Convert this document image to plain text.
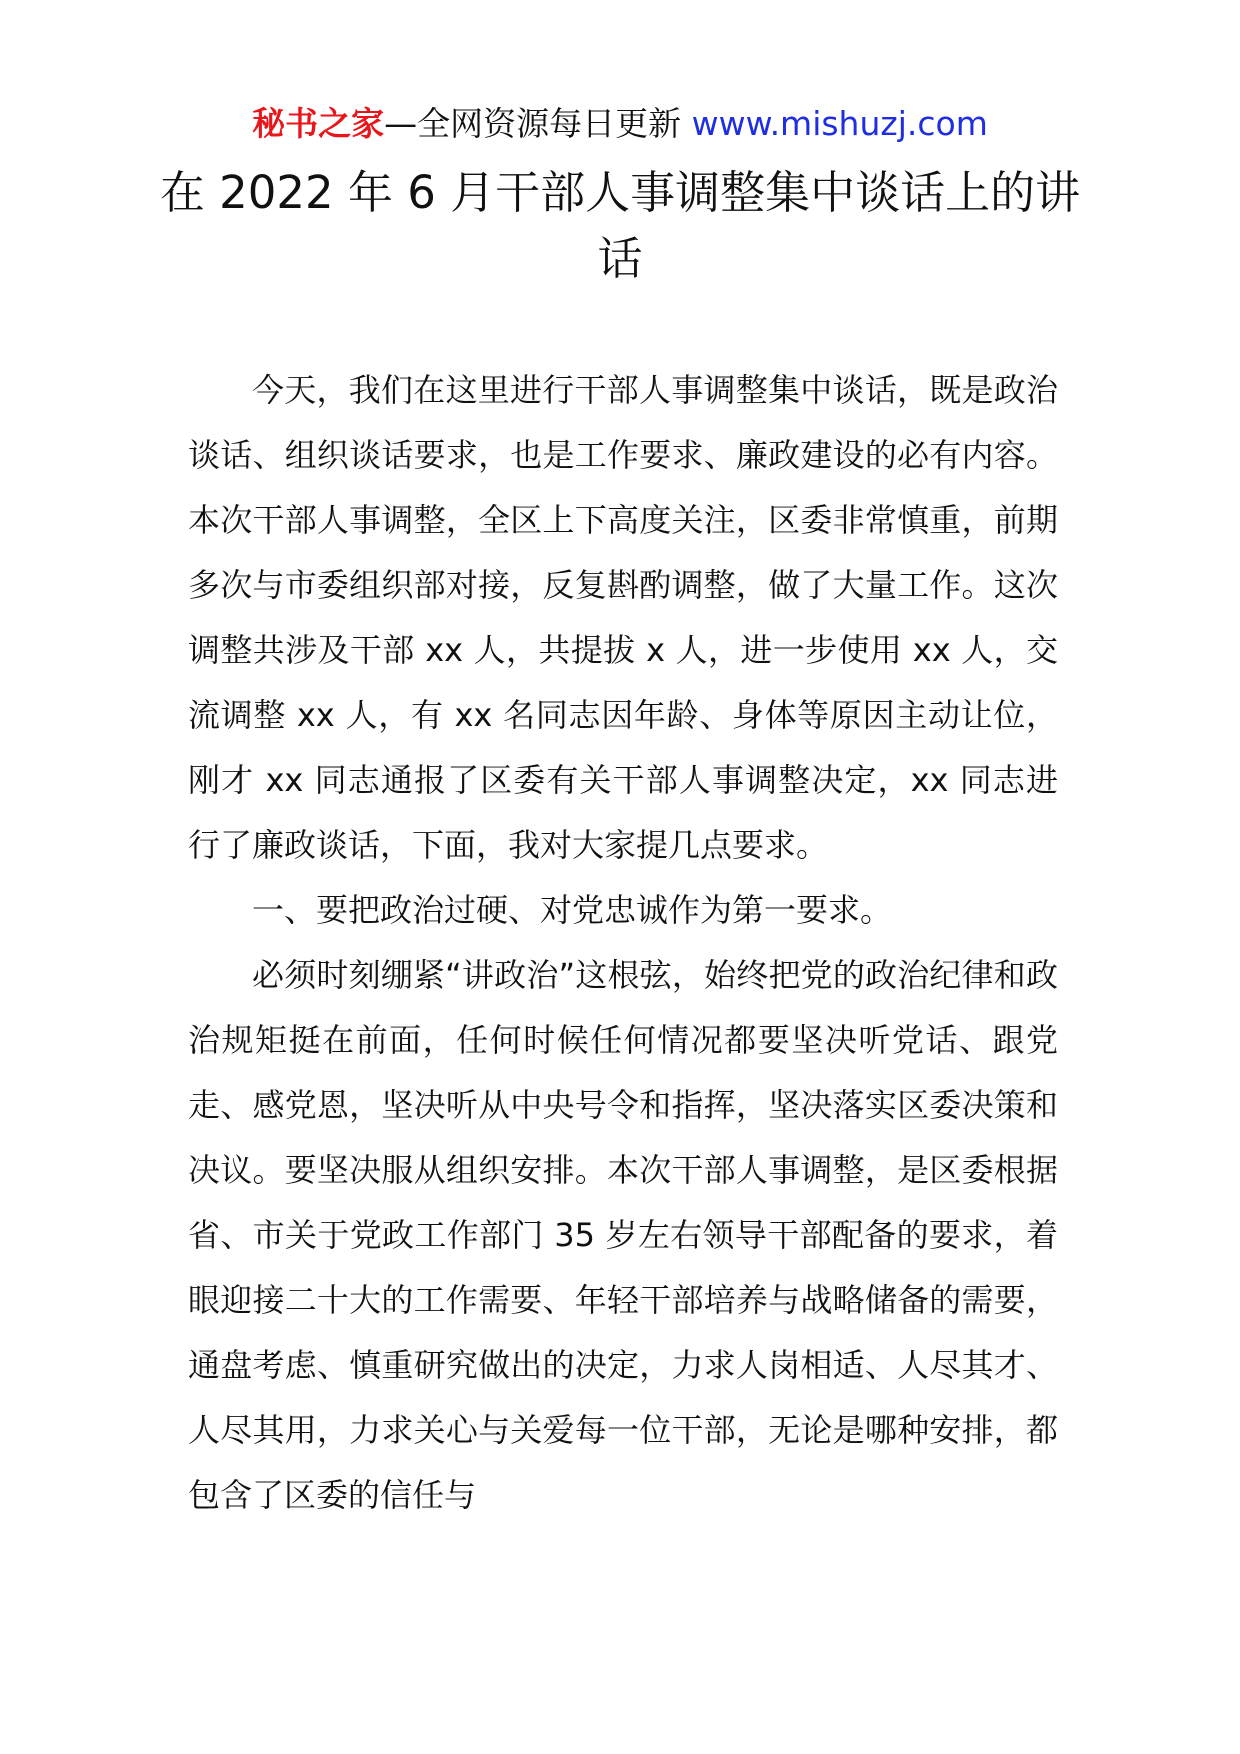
秘书之家—全网资源每日更新 www.mishuzj.com
在 2022 年 6 月干部人事调整集中谈话上的讲话

今天，我们在这里进行干部人事调整集中谈话，既是政治谈话、组织谈话要求，也是工作要求、廉政建设的必有内容。本次干部人事调整，全区上下高度关注，区委非常慎重，前期多次与市委组织部对接，反复斟酌调整，做了大量工作。这次调整共涉及干部 xx 人，共提拔 x 人，进一步使用 xx 人，交流调整 xx 人，有 xx 名同志因年龄、身体等原因主动让位，刚才 xx 同志通报了区委有关干部人事调整决定，xx 同志进行了廉政谈话，下面，我对大家提几点要求。

一、要把政治过硬、对党忠诚作为第一要求。

必须时刻绷紧“讲政治”这根弦，始终把党的政治纪律和政治规矩挺在前面，任何时候任何情况都要坚决听党话、跟党走、感党恩，坚决听从中央号令和指挥，坚决落实区委决策和决议。要坚决服从组织安排。本次干部人事调整，是区委根据省、市关于党政工作部门 35 岁左右领导干部配备的要求，着眼迎接二十大的工作需要、年轻干部培养与战略储备的需要，通盘考虑、慎重研究做出的决定，力求人岗相适、人尽其才、人尽其用，力求关心与关爱每一位干部，无论是哪种安排，都包含了区委的信任与
